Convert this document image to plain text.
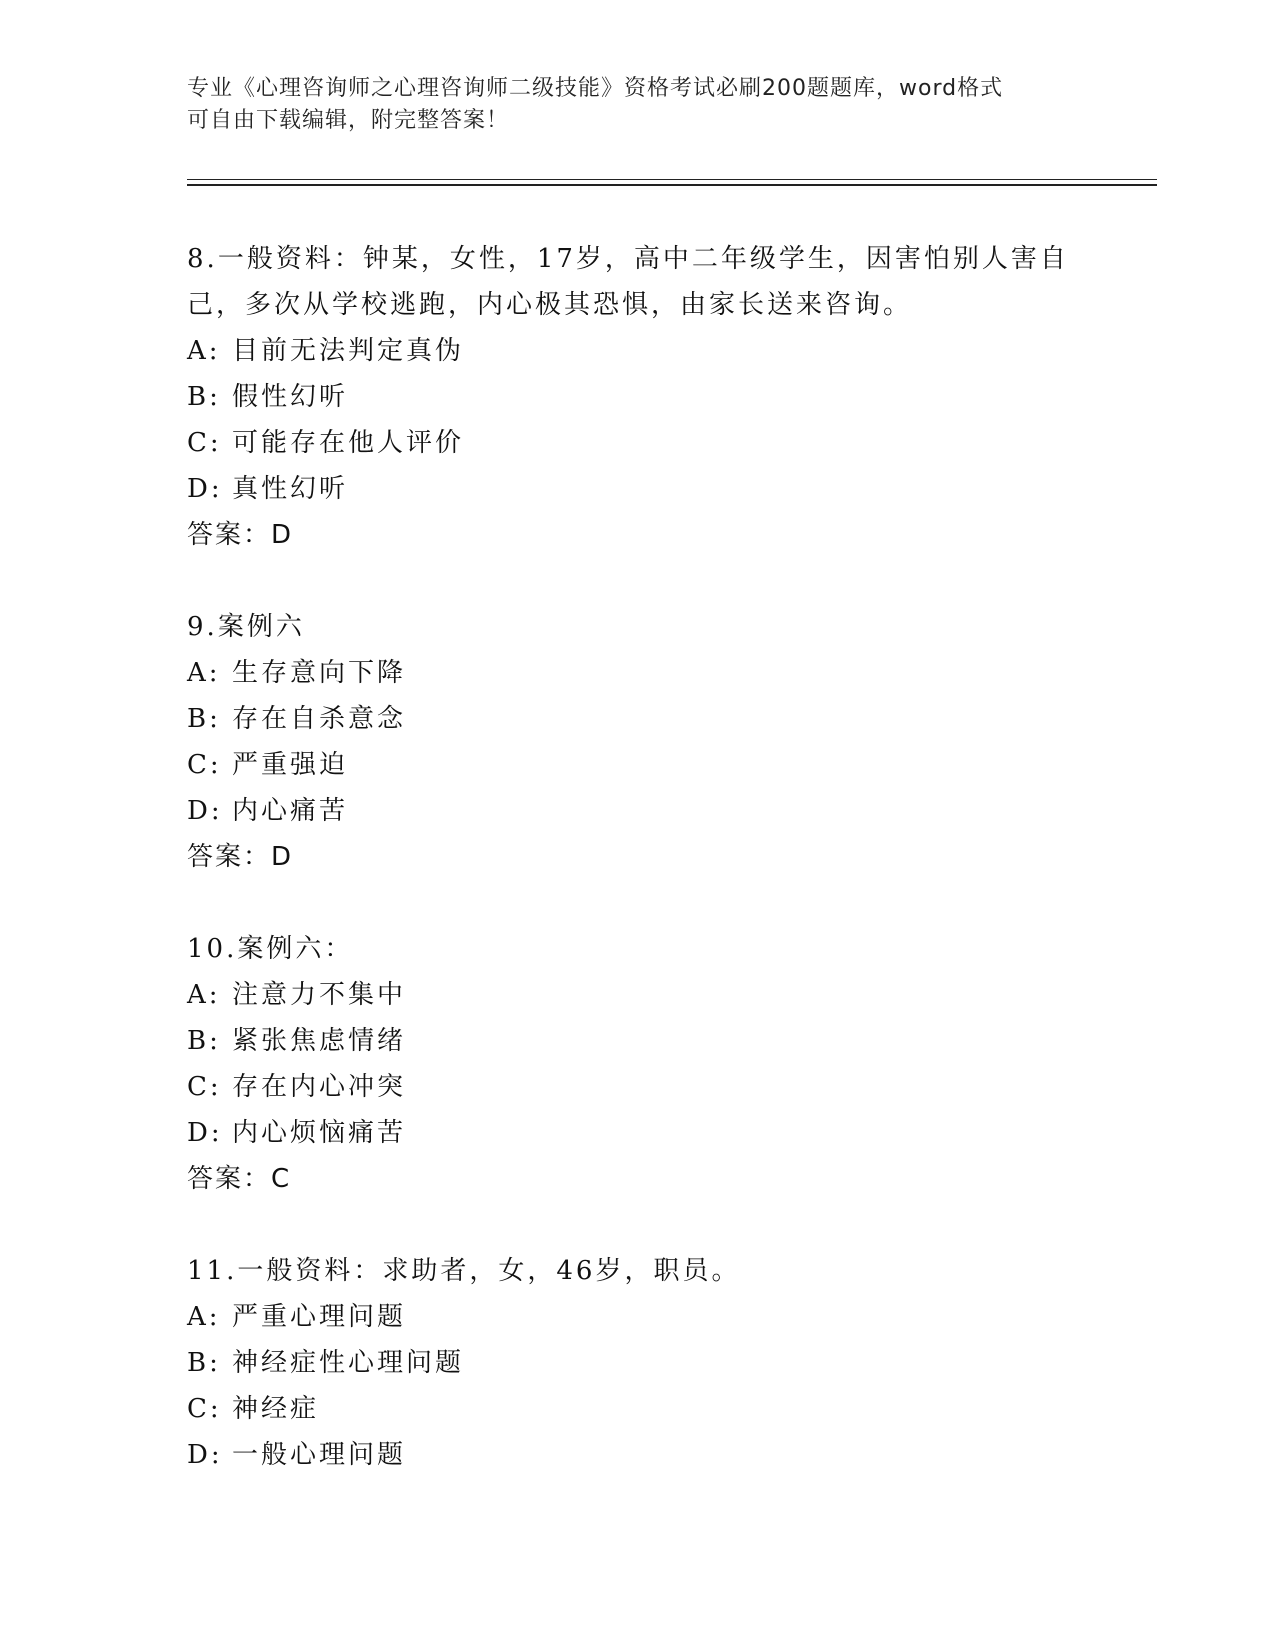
专业《心理咨询师之心理咨询师二级技能》资格考试必刷200题题库，word格式
可自由下载编辑，附完整答案！

8.一般资料：钟某，女性，17岁，高中二年级学生，因害怕别人害自己，多次从学校逃跑，内心极其恐惧，由家长送来咨询。

A: 目前无法判定真伪

B: 假性幻听

C: 可能存在他人评价

D: 真性幻听

答案：D

9.案例六

A: 生存意向下降

B: 存在自杀意念

C: 严重强迫

D: 内心痛苦

答案：D

10.案例六：

A: 注意力不集中

B: 紧张焦虑情绪

C: 存在内心冲突

D: 内心烦恼痛苦

答案：C

11.一般资料：求助者，女，46岁，职员。

A: 严重心理问题

B: 神经症性心理问题

C: 神经症

D: 一般心理问题
